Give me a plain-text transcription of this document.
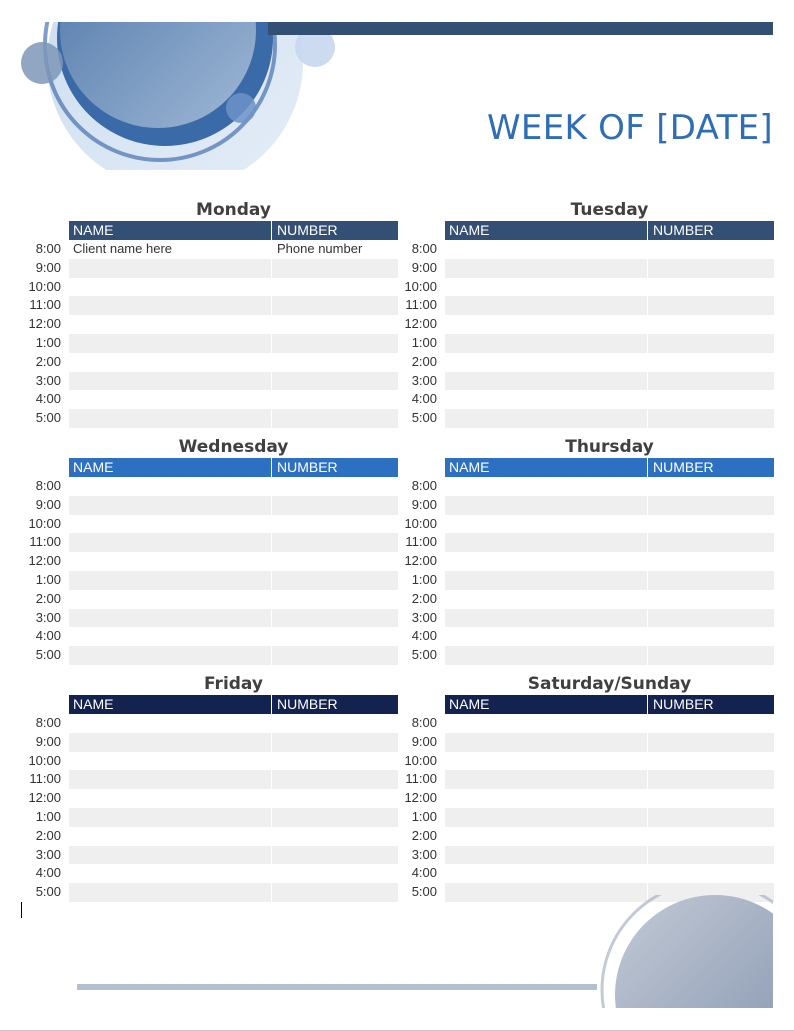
WEEK OF [DATE]
Monday
NAME	NUMBER
8:00 Client name here	Phone number
9:00
10:00
11:00
12:00
1:00
2:00
3:00
4:00
5:00
Tuesday
NAME	NUMBER
8:00
9:00
10:00
11:00
12:00
1:00
2:00
3:00
4:00
5:00
Wednesday
NAME	NUMBER
8:00
9:00
10:00
11:00
12:00
1:00
2:00
3:00
4:00
5:00
Thursday
NAME	NUMBER
8:00
9:00
10:00
11:00
12:00
1:00
2:00
3:00
4:00
5:00
Friday
NAME	NUMBER
8:00
9:00
10:00
11:00
12:00
1:00
2:00
3:00
4:00
5:00
Saturday/Sunday
NAME	NUMBER
8:00
9:00
10:00
11:00
12:00
1:00
2:00
3:00
4:00
5:00
